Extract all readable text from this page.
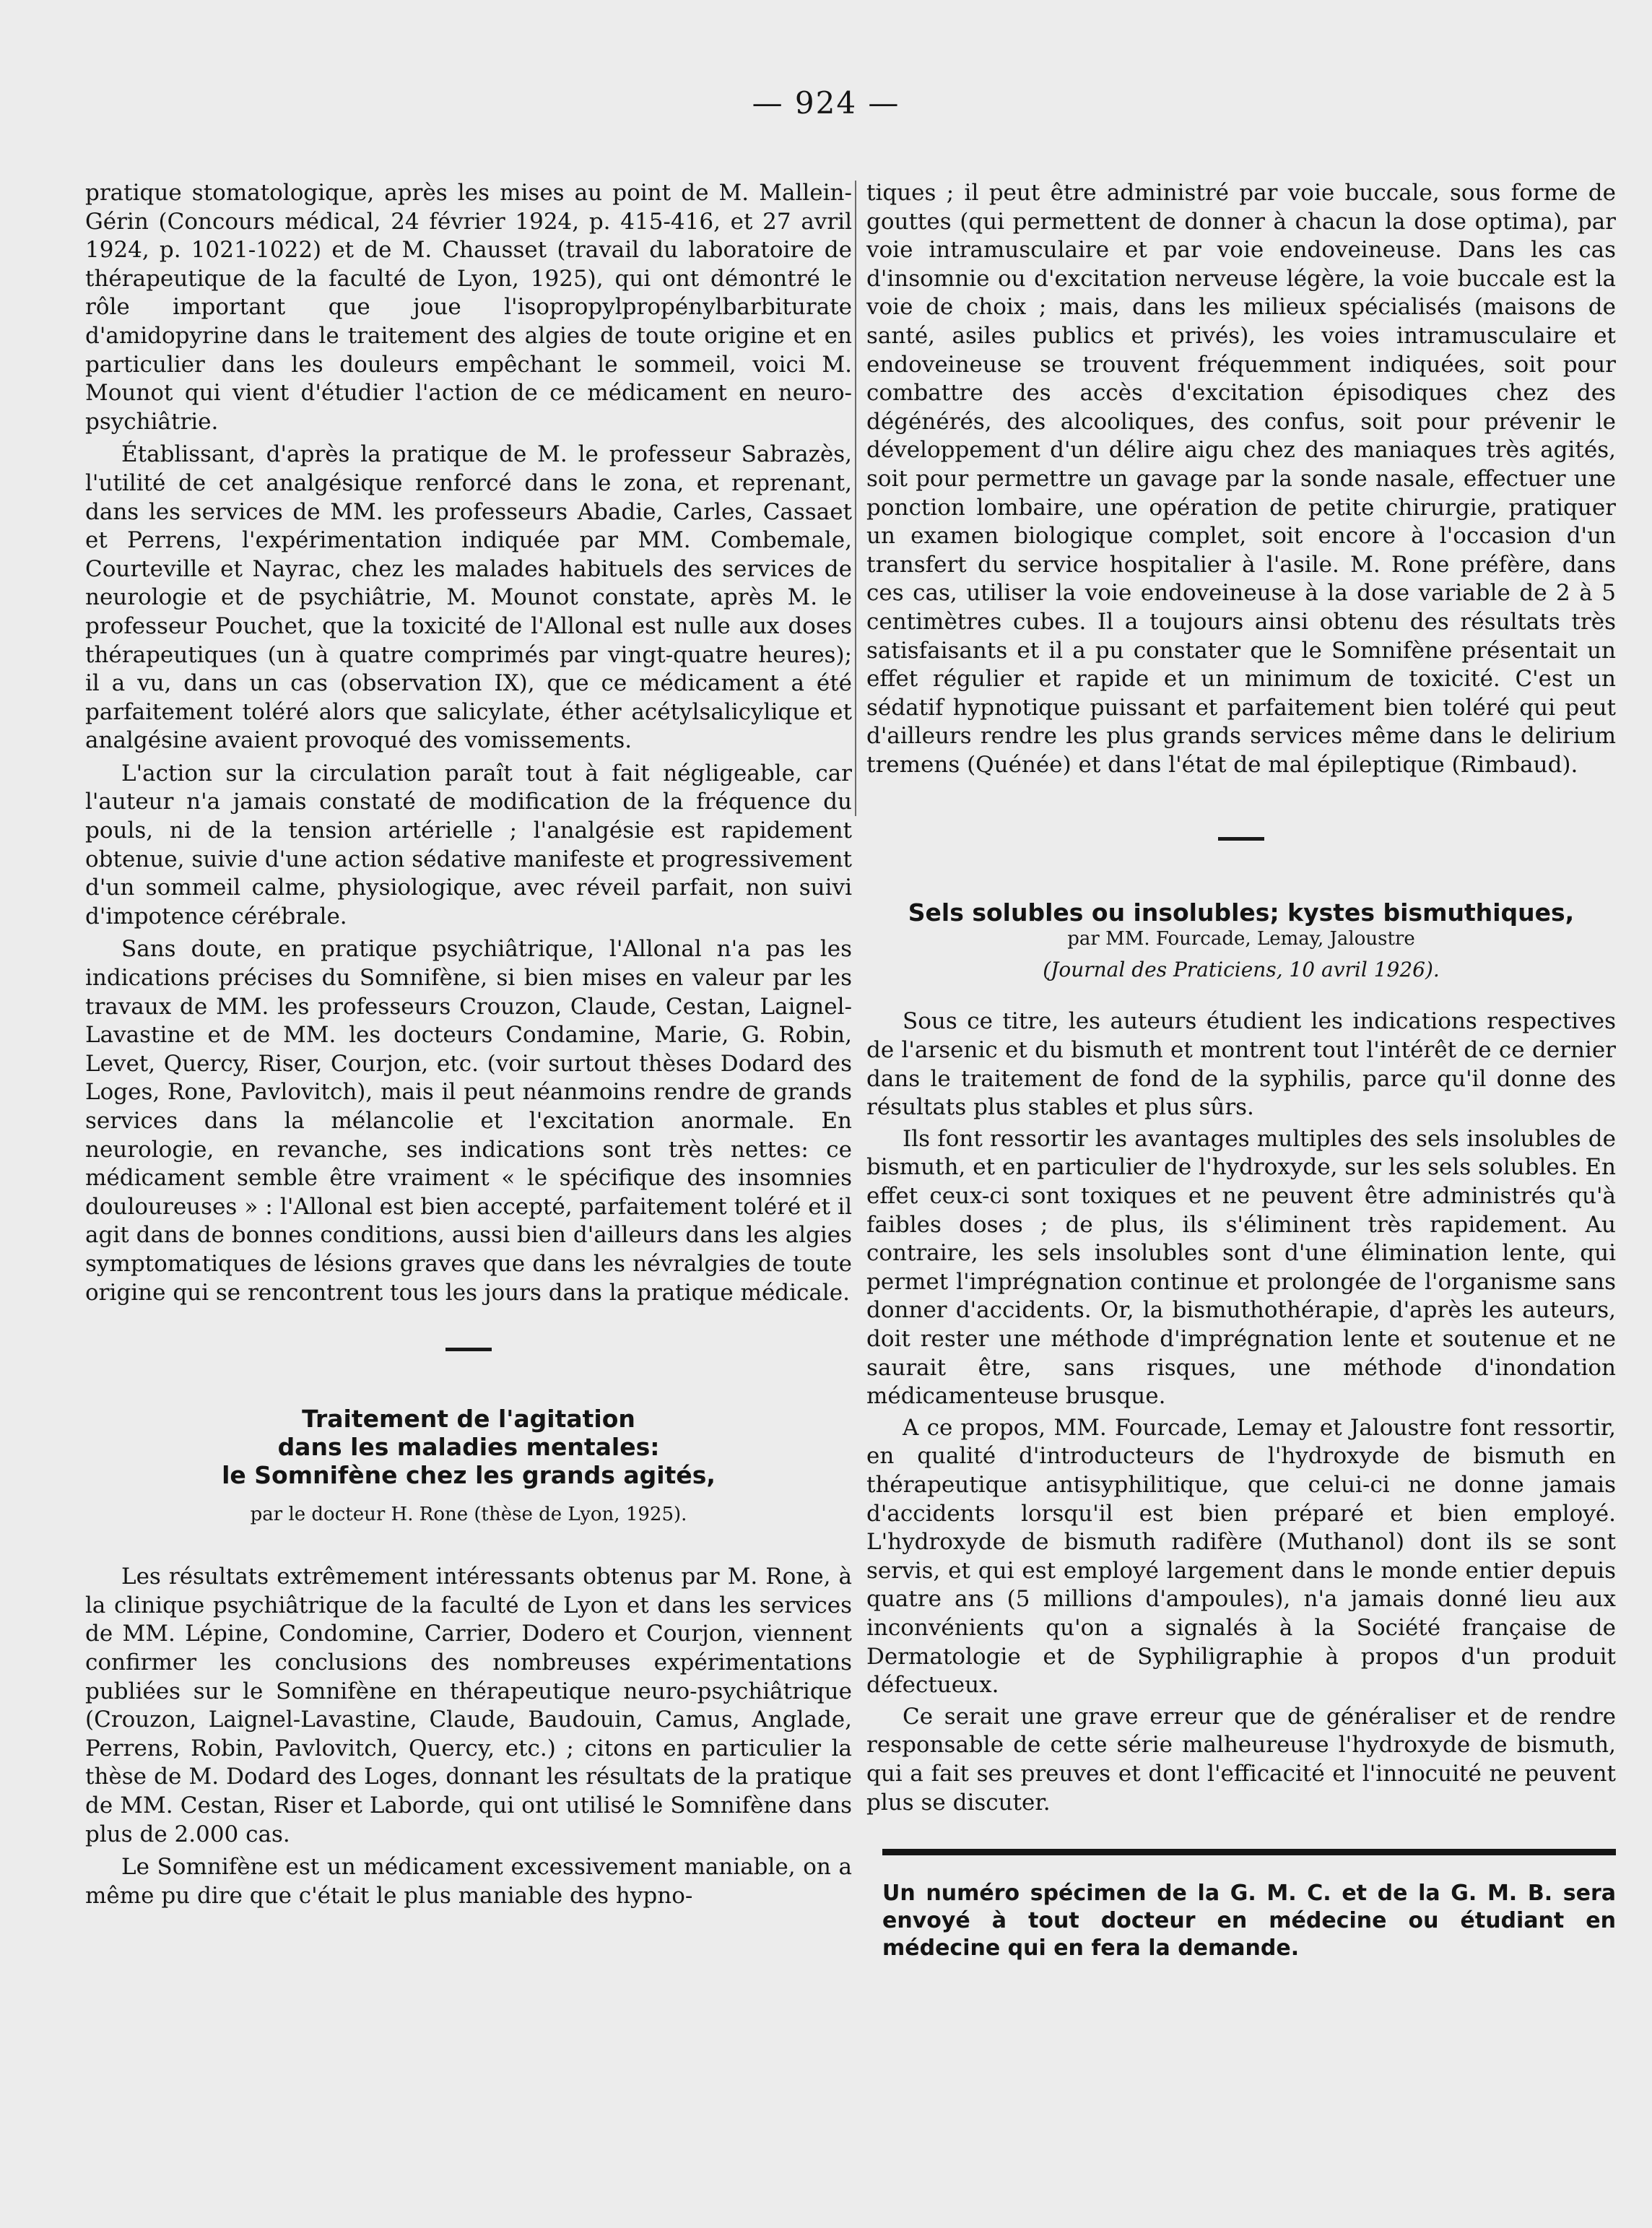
— 924 —

pratique stomatologique, après les mises au point de M. Mallein-Gérin (Concours médical, 24 février 1924, p. 415-416, et 27 avril 1924, p. 1021-1022) et de M. Chausset (travail du laboratoire de thérapeutique de la faculté de Lyon, 1925), qui ont démontré le rôle important que joue l'isopropylpropénylbarbiturate d'amidopyrine dans le traitement des algies de toute origine et en particulier dans les douleurs empêchant le sommeil, voici M. Mounot qui vient d'étudier l'action de ce médicament en neuro-psychiâtrie.

Établissant, d'après la pratique de M. le professeur Sabrazès, l'utilité de cet analgésique renforcé dans le zona, et reprenant, dans les services de MM. les professeurs Abadie, Carles, Cassaet et Perrens, l'expérimentation indiquée par MM. Combemale, Courteville et Nayrac, chez les malades habituels des services de neurologie et de psychiâtrie, M. Mounot constate, après M. le professeur Pouchet, que la toxicité de l'Allonal est nulle aux doses thérapeutiques (un à quatre comprimés par vingt-quatre heures); il a vu, dans un cas (observation IX), que ce médicament a été parfaitement toléré alors que salicylate, éther acétylsalicylique et analgésine avaient provoqué des vomissements.

L'action sur la circulation paraît tout à fait négligeable, car l'auteur n'a jamais constaté de modification de la fréquence du pouls, ni de la tension artérielle ; l'analgésie est rapidement obtenue, suivie d'une action sédative manifeste et progressivement d'un sommeil calme, physiologique, avec réveil parfait, non suivi d'impotence cérébrale.

Sans doute, en pratique psychiâtrique, l'Allonal n'a pas les indications précises du Somnifène, si bien mises en valeur par les travaux de MM. les professeurs Crouzon, Claude, Cestan, Laignel-Lavastine et de MM. les docteurs Condamine, Marie, G. Robin, Levet, Quercy, Riser, Courjon, etc. (voir surtout thèses Dodard des Loges, Rone, Pavlovitch), mais il peut néanmoins rendre de grands services dans la mélancolie et l'excitation anormale. En neurologie, en revanche, ses indications sont très nettes: ce médicament semble être vraiment « le spécifique des insomnies douloureuses » : l'Allonal est bien accepté, parfaitement toléré et il agit dans de bonnes conditions, aussi bien d'ailleurs dans les algies symptomatiques de lésions graves que dans les névralgies de toute origine qui se rencontrent tous les jours dans la pratique médicale.

Traitement de l'agitation

dans les maladies mentales:

le Somnifène chez les grands agités,

par le docteur H. Rone (thèse de Lyon, 1925).

Les résultats extrêmement intéressants obtenus par M. Rone, à la clinique psychiâtrique de la faculté de Lyon et dans les services de MM. Lépine, Condomine, Carrier, Dodero et Courjon, viennent confirmer les conclusions des nombreuses expérimentations publiées sur le Somnifène en thérapeutique neuro-psychiâtrique (Crouzon, Laignel-Lavastine, Claude, Baudouin, Camus, Anglade, Perrens, Robin, Pavlovitch, Quercy, etc.) ; citons en particulier la thèse de M. Dodard des Loges, donnant les résultats de la pratique de MM. Cestan, Riser et Laborde, qui ont utilisé le Somnifène dans plus de 2.000 cas.

Le Somnifène est un médicament excessivement maniable, on a même pu dire que c'était le plus maniable des hypno-

tiques ; il peut être administré par voie buccale, sous forme de gouttes (qui permettent de donner à chacun la dose optima), par voie intramusculaire et par voie endoveineuse. Dans les cas d'insomnie ou d'excitation nerveuse légère, la voie buccale est la voie de choix ; mais, dans les milieux spécialisés (maisons de santé, asiles publics et privés), les voies intramusculaire et endoveineuse se trouvent fréquemment indiquées, soit pour combattre des accès d'excitation épisodiques chez des dégénérés, des alcooliques, des confus, soit pour prévenir le développement d'un délire aigu chez des maniaques très agités, soit pour permettre un gavage par la sonde nasale, effectuer une ponction lombaire, une opération de petite chirurgie, pratiquer un examen biologique complet, soit encore à l'occasion d'un transfert du service hospitalier à l'asile. M. Rone préfère, dans ces cas, utiliser la voie endoveineuse à la dose variable de 2 à 5 centimètres cubes. Il a toujours ainsi obtenu des résultats très satisfaisants et il a pu constater que le Somnifène présentait un effet régulier et rapide et un minimum de toxicité. C'est un sédatif hypnotique puissant et parfaitement bien toléré qui peut d'ailleurs rendre les plus grands services même dans le delirium tremens (Quénée) et dans l'état de mal épileptique (Rimbaud).

Sels solubles ou insolubles; kystes bismuthiques,

par MM. Fourcade, Lemay, Jaloustre

(Journal des Praticiens, 10 avril 1926).

Sous ce titre, les auteurs étudient les indications respectives de l'arsenic et du bismuth et montrent tout l'intérêt de ce dernier dans le traitement de fond de la syphilis, parce qu'il donne des résultats plus stables et plus sûrs.

Ils font ressortir les avantages multiples des sels insolubles de bismuth, et en particulier de l'hydroxyde, sur les sels solubles. En effet ceux-ci sont toxiques et ne peuvent être administrés qu'à faibles doses ; de plus, ils s'éliminent très rapidement. Au contraire, les sels insolubles sont d'une élimination lente, qui permet l'imprégnation continue et prolongée de l'organisme sans donner d'accidents. Or, la bismuthothérapie, d'après les auteurs, doit rester une méthode d'imprégnation lente et soutenue et ne saurait être, sans risques, une méthode d'inondation médicamenteuse brusque.

A ce propos, MM. Fourcade, Lemay et Jaloustre font ressortir, en qualité d'introducteurs de l'hydroxyde de bismuth en thérapeutique antisyphilitique, que celui-ci ne donne jamais d'accidents lorsqu'il est bien préparé et bien employé. L'hydroxyde de bismuth radifère (Muthanol) dont ils se sont servis, et qui est employé largement dans le monde entier depuis quatre ans (5 millions d'ampoules), n'a jamais donné lieu aux inconvénients qu'on a signalés à la Société française de Dermatologie et de Syphiligraphie à propos d'un produit défectueux.

Ce serait une grave erreur que de généraliser et de rendre responsable de cette série malheureuse l'hydroxyde de bismuth, qui a fait ses preuves et dont l'efficacité et l'innocuité ne peuvent plus se discuter.

Un numéro spécimen de la G. M. C. et de la G. M. B. sera envoyé à tout docteur en médecine ou étudiant en médecine qui en fera la demande.
